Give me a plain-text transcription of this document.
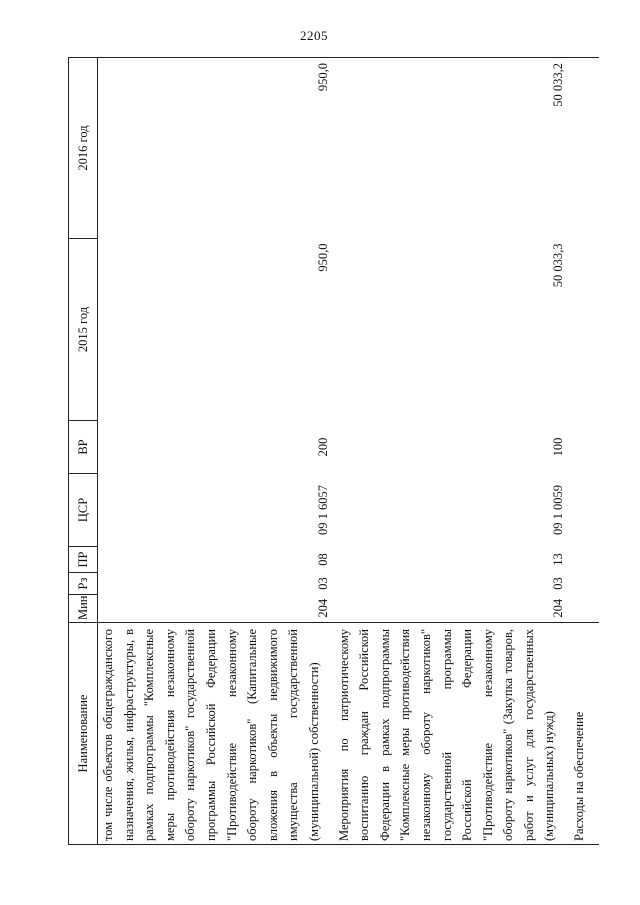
2205
Наименование	Мин	Рз	ПР	ЦСР	ВР	2015 год	2016 год

том числе объектов общегражданского назначения, жилья, инфраструктуры, в рамках подпрограммы "Комплексные меры противодействия незаконному обороту наркотиков" государственной программы Российской Федерации "Противодействие незаконному обороту наркотиков" (Капитальные вложения в объекты недвижимого имущества государственной (муниципальной) собственности)	204	03	08	09 1 6057	200	950,0	950,0

Мероприятия по патриотическому воспитанию граждан Российской Федерации в рамках подпрограммы "Комплексные меры противодействия незаконному обороту наркотиков" государственной программы Российской Федерации "Противодействие незаконному обороту наркотиков" (Закупка товаров, работ и услуг для государственных (муниципальных) нужд)	204	03	13	09 1 0059	100	50 033,3	50 033,2

Расходы на обеспечение							
